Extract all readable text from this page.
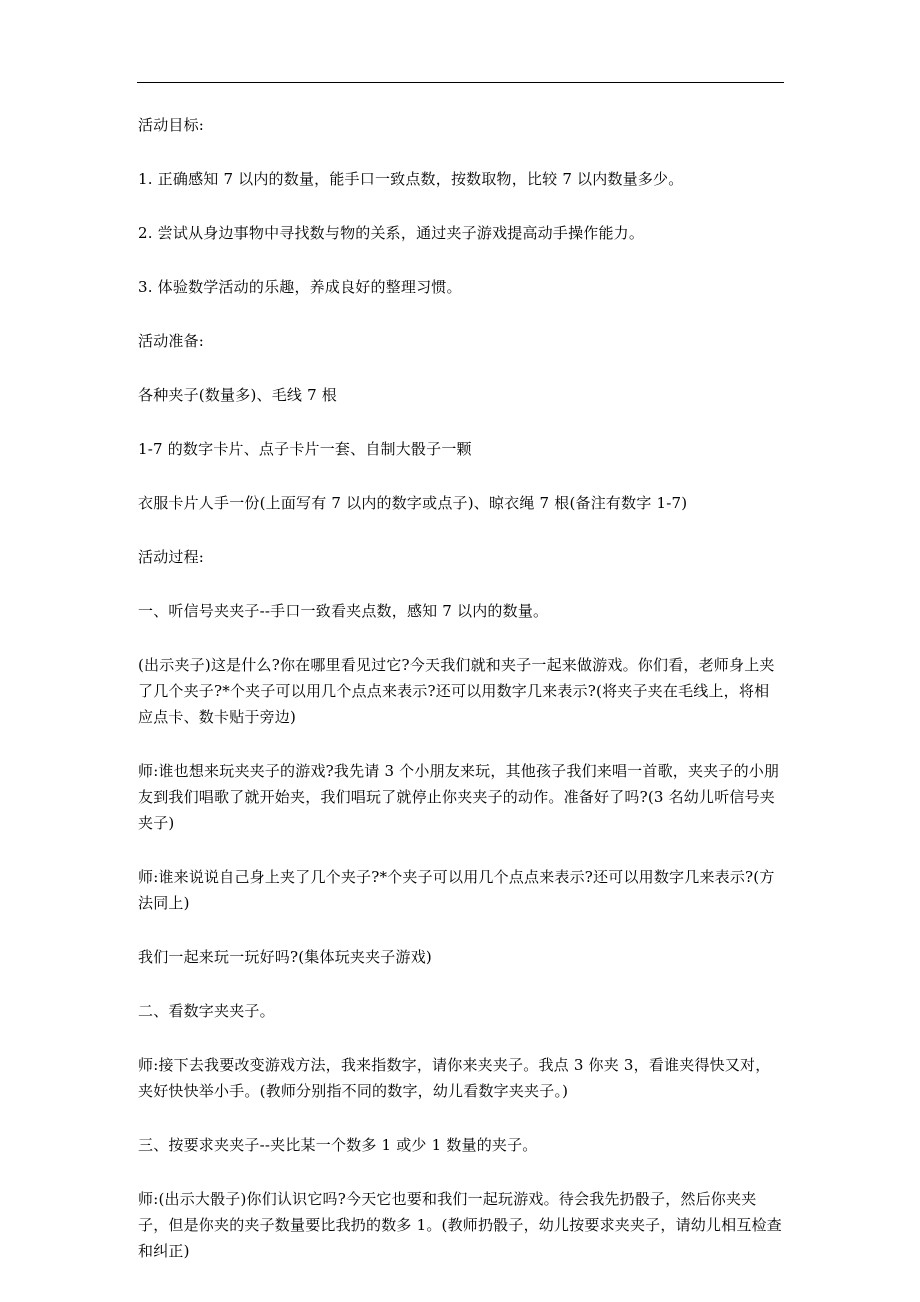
活动目标:

1. 正确感知 7 以内的数量，能手口一致点数，按数取物，比较 7 以内数量多少。

2. 尝试从身边事物中寻找数与物的关系，通过夹子游戏提高动手操作能力。

3. 体验数学活动的乐趣，养成良好的整理习惯。

活动准备:

各种夹子(数量多)、毛线 7 根

1-7 的数字卡片、点子卡片一套、自制大骰子一颗

衣服卡片人手一份(上面写有 7 以内的数字或点子)、晾衣绳 7 根(备注有数字 1-7)

活动过程:

一、听信号夹夹子--手口一致看夹点数，感知 7 以内的数量。

(出示夹子)这是什么?你在哪里看见过它?今天我们就和夹子一起来做游戏。你们看，老师身上夹了几个夹子?*个夹子可以用几个点点来表示?还可以用数字几来表示?(将夹子夹在毛线上，将相应点卡、数卡贴于旁边)

师:谁也想来玩夹夹子的游戏?我先请 3 个小朋友来玩，其他孩子我们来唱一首歌，夹夹子的小朋友到我们唱歌了就开始夹，我们唱玩了就停止你夹夹子的动作。准备好了吗?(3 名幼儿听信号夹夹子)

师:谁来说说自己身上夹了几个夹子?*个夹子可以用几个点点来表示?还可以用数字几来表示?(方法同上)

我们一起来玩一玩好吗?(集体玩夹夹子游戏)

二、看数字夹夹子。

师:接下去我要改变游戏方法，我来指数字，请你来夹夹子。我点 3 你夹 3，看谁夹得快又对，夹好快快举小手。(教师分别指不同的数字，幼儿看数字夹夹子。)

三、按要求夹夹子--夹比某一个数多 1 或少 1 数量的夹子。

师:(出示大骰子)你们认识它吗?今天它也要和我们一起玩游戏。待会我先扔骰子，然后你夹夹子，但是你夹的夹子数量要比我扔的数多 1。(教师扔骰子，幼儿按要求夹夹子，请幼儿相互检查和纠正)
